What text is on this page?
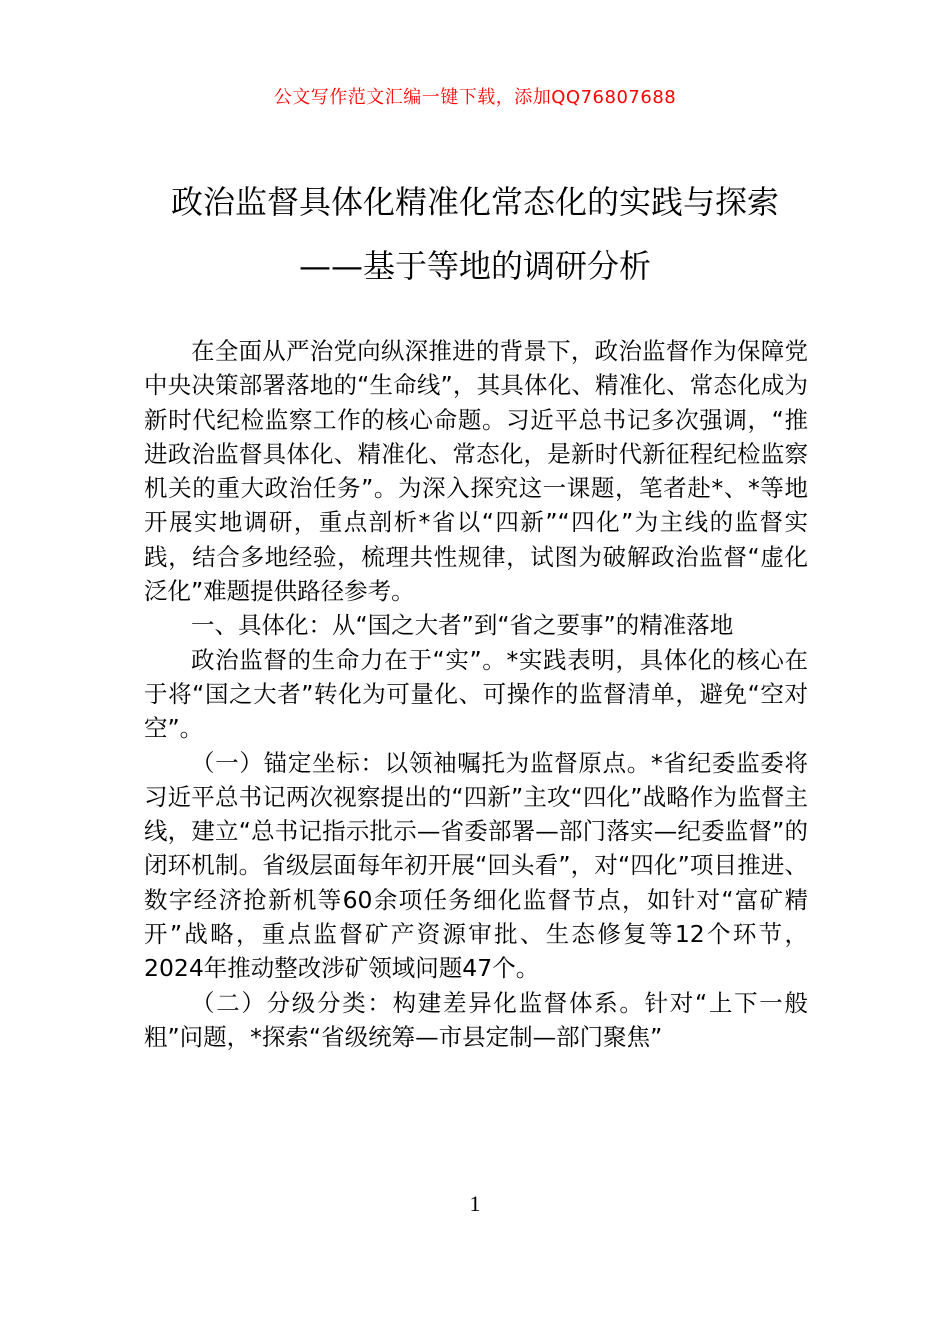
公文写作范文汇编一键下载，添加QQ76807688
政治监督具体化精准化常态化的实践与探索——基于等地的调研分析

在全面从严治党向纵深推进的背景下，政治监督作为保障党中央决策部署落地的“生命线”，其具体化、精准化、常态化成为新时代纪检监察工作的核心命题。习近平总书记多次强调，“推进政治监督具体化、精准化、常态化，是新时代新征程纪检监察机关的重大政治任务”。为深入探究这一课题，笔者赴*、*等地开展实地调研，重点剖析*省以“四新”“四化”为主线的监督实践，结合多地经验，梳理共性规律，试图为破解政治监督“虚化泛化”难题提供路径参考。

一、具体化：从“国之大者”到“省之要事”的精准落地

政治监督的生命力在于“实”。*实践表明，具体化的核心在于将“国之大者”转化为可量化、可操作的监督清单，避免“空对空”。

（一）锚定坐标：以领袖嘱托为监督原点。*省纪委监委将习近平总书记两次视察提出的“四新”主攻“四化”战略作为监督主线，建立“总书记指示批示—省委部署—部门落实—纪委监督”的闭环机制。省级层面每年初开展“回头看”，对“四化”项目推进、数字经济抢新机等60余项任务细化监督节点，如针对“富矿精开”战略，重点监督矿产资源审批、生态修复等12个环节，2024年推动整改涉矿领域问题47个。

（二）分级分类：构建差异化监督体系。针对“上下一般粗”问题，*探索“省级统筹—市县定制—部门聚焦”

1
